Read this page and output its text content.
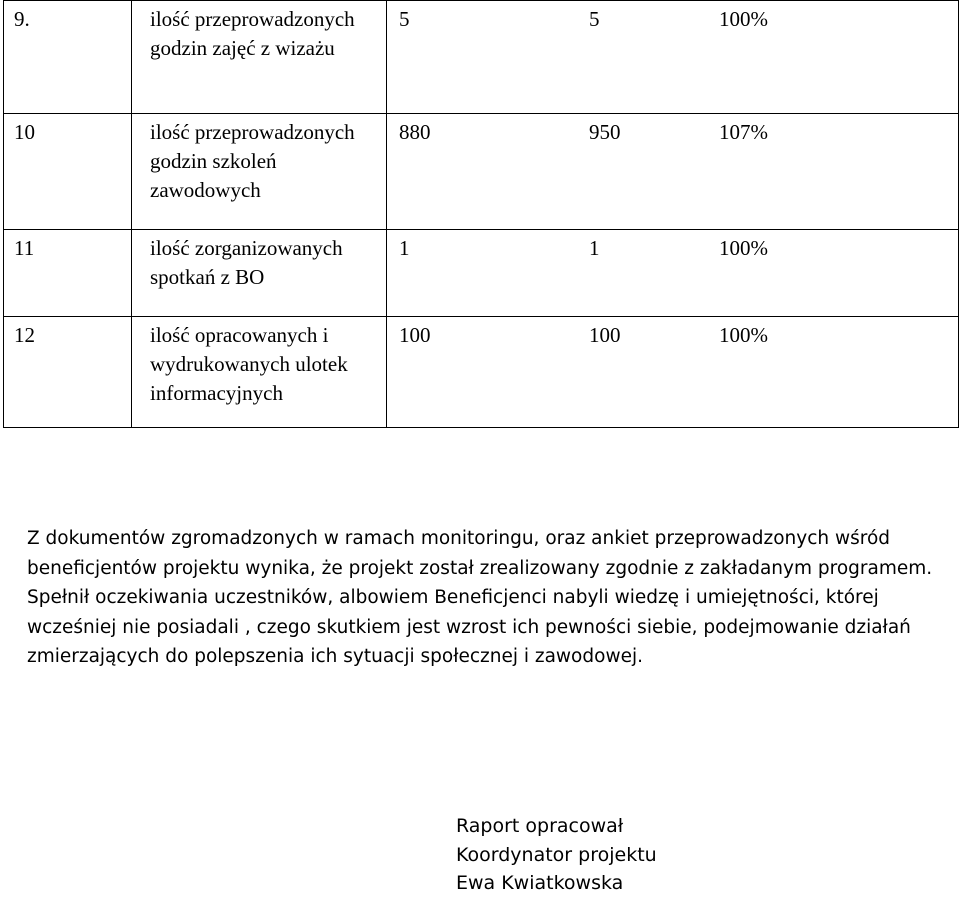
9.	ilość przeprowadzonych godzin zajęć z wizażu	5 5 100%

10	ilość przeprowadzonych godzin szkoleń zawodowych	880 950 107%

11	ilość zorganizowanych spotkań z BO	1 1 100%

12	ilość opracowanych i wydrukowanych ulotek informacyjnych	100 100 100%

Z dokumentów zgromadzonych w ramach monitoringu, oraz ankiet przeprowadzonych wśród beneficjentów projektu wynika, że projekt został zrealizowany zgodnie z zakładanym programem. Spełnił oczekiwania uczestników, albowiem Beneficjenci nabyli wiedzę i umiejętności, której wcześniej nie posiadali , czego skutkiem jest wzrost ich pewności siebie, podejmowanie działań zmierzających do polepszenia ich sytuacji społecznej i zawodowej.

Raport opracował
Koordynator projektu
Ewa Kwiatkowska
